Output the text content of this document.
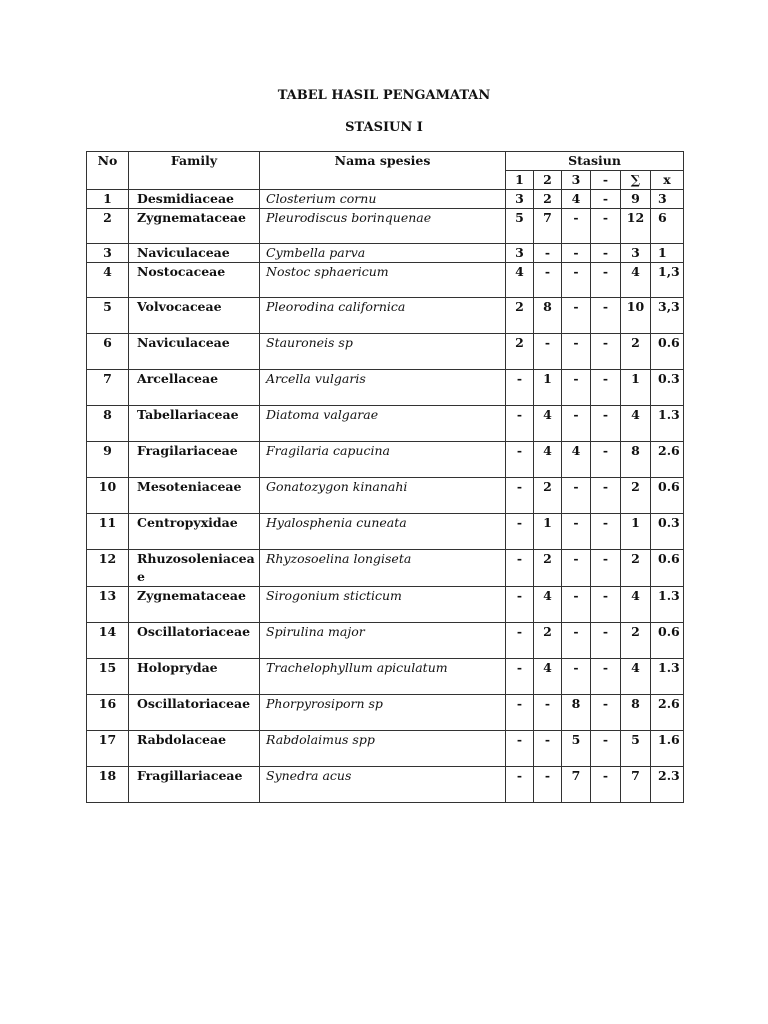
TABEL HASIL PENGAMATAN
STASIUN I
No	Family	Nama spesies	Stasiun					
			1	2	3	-	∑	x
1	Desmidiaceae	Closterium cornu	3	2	4	-	9	3
2	Zygnemataceae	Pleurodiscus borinquenae	5	7	-	-	12	6
3	Naviculaceae	Cymbella parva	3	-	-	-	3	1
4	Nostocaceae	Nostoc sphaericum	4	-	-	-	4	1,3
5	Volvocaceae	Pleorodina californica	2	8	-	-	10	3,3
6	Naviculaceae	Stauroneis sp	2	-	-	-	2	0.6
7	Arcellaceae	Arcella vulgaris	-	1	-	-	1	0.3
8	Tabellariaceae	Diatoma valgarae	-	4	-	-	4	1.3
9	Fragilariaceae	Fragilaria capucina	-	4	4	-	8	2.6
10	Mesoteniaceae	Gonatozygon kinanahi	-	2	-	-	2	0.6
11	Centropyxidae	Hyalosphenia cuneata	-	1	-	-	1	0.3
12	Rhuzosoleniaceae	Rhyzosoelina longiseta	-	2	-	-	2	0.6
13	Zygnemataceae	Sirogonium sticticum	-	4	-	-	4	1.3
14	Oscillatoriaceae	Spirulina major	-	2	-	-	2	0.6
15	Holoprydae	Trachelophyllum apiculatum	-	4	-	-	4	1.3
16	Oscillatoriaceae	Phorpyrosiporn sp	-	-	8	-	8	2.6
17	Rabdolaceae	Rabdolaimus spp	-	-	5	-	5	1.6
18	Fragillariaceae	Synedra acus	-	-	7	-	7	2.3
